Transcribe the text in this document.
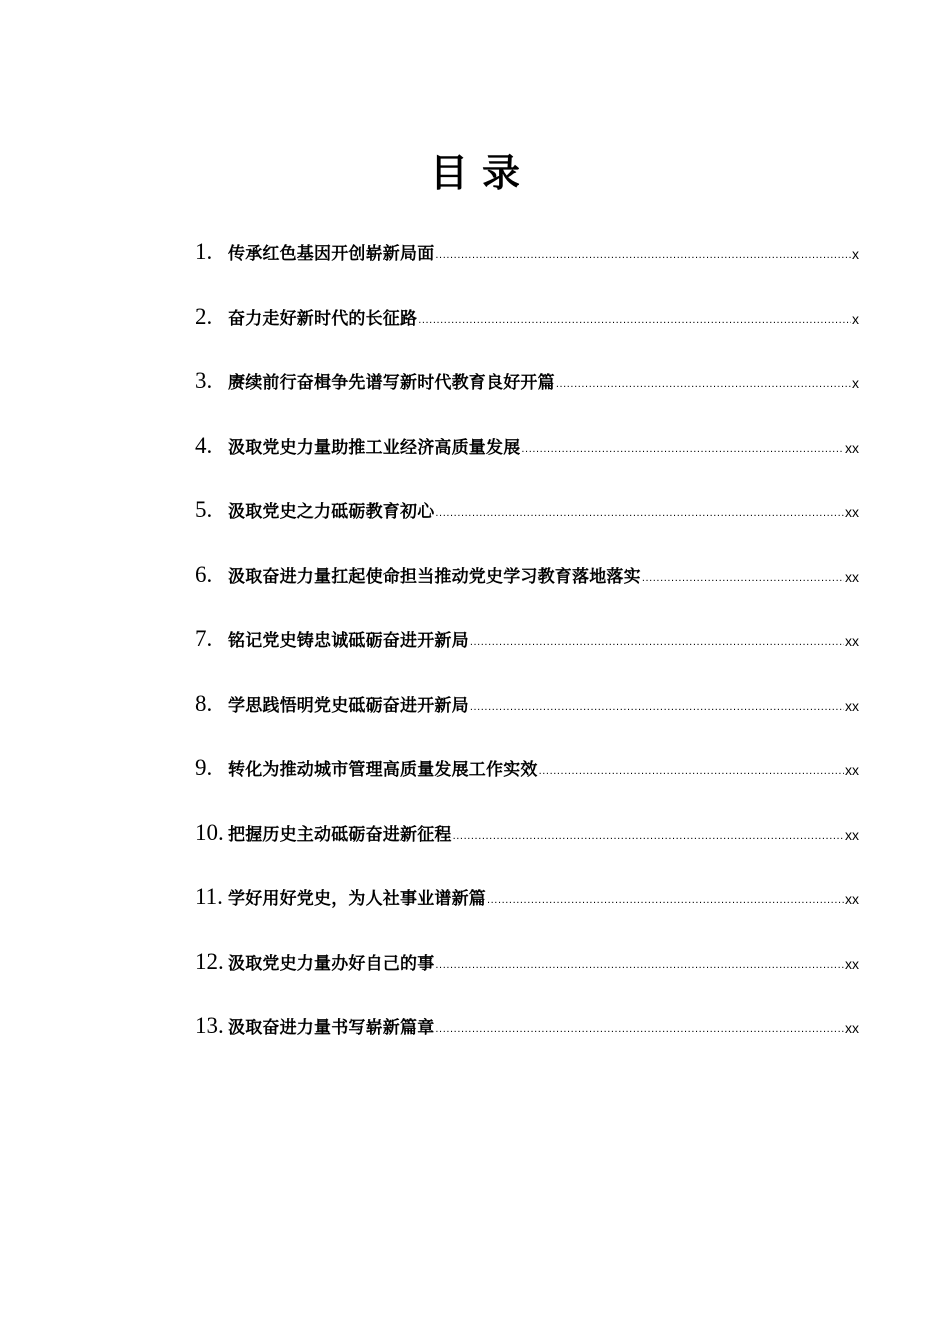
目录
1. 传承红色基因开创崭新局面 .....	x
2. 奋力走好新时代的长征路 .....	x
3. 赓续前行奋楫争先谱写新时代教育良好开篇 .....	x
4. 汲取党史力量助推工业经济高质量发展 .....	xx
5. 汲取党史之力砥砺教育初心 .....	xx
6. 汲取奋进力量扛起使命担当推动党史学习教育落地落实 .....	xx
7. 铭记党史铸忠诚砥砺奋进开新局 .....	xx
8. 学思践悟明党史砥砺奋进开新局 .....	xx
9. 转化为推动城市管理高质量发展工作实效 .....	xx
10. 把握历史主动砥砺奋进新征程 .....	xx
11. 学好用好党史，为人社事业谱新篇 .....	xx
12. 汲取党史力量办好自己的事 .....	xx
13. 汲取奋进力量书写崭新篇章 .....	xx
